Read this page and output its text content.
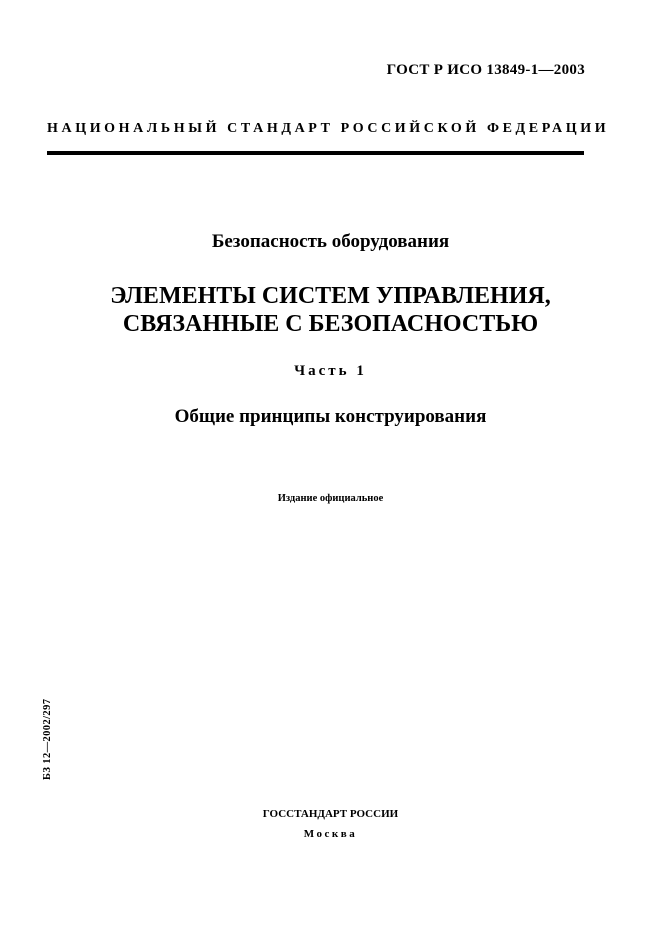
ГОСТ Р ИСО 13849-1—2003
НАЦИОНАЛЬНЫЙ СТАНДАРТ РОССИЙСКОЙ ФЕДЕРАЦИИ
Безопасность оборудования
ЭЛЕМЕНТЫ СИСТЕМ УПРАВЛЕНИЯ,
СВЯЗАННЫЕ С БЕЗОПАСНОСТЬЮ
Часть 1
Общие принципы конструирования
Издание официальное
БЗ 12—2002/297
ГОССТАНДАРТ РОССИИ
Москва
